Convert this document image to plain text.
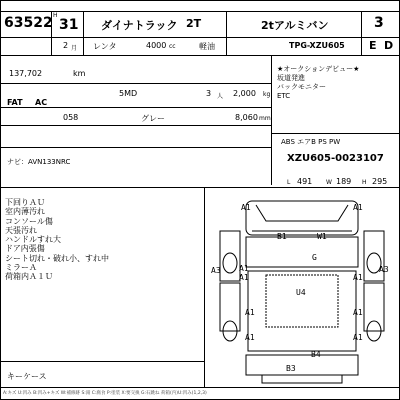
63522 H
31 ダイナトラック 2T	2tアルミバン	3
2 月 レンタ	4000 cc	軽油	TPG-XZU605 E D
137,702	km
FAT AC
5MD	3 人 2,000 kg
058	グレー	8,060 mm
★オークションデビュー★
坂道発進
バックモニター
ETC
ABS エアB PS PW
ナビ：AVN133NRC	XZU605-0023107
L 491 W 189 H 295
下回りＡＵ
室内薄汚れ
コンソール傷
天張汚れ
ハンドルすれ大
ドア内張傷
シート切れ・破れ小、すれ中
ミラーＡ
荷箱内Ａ１Ｕ
キーケース
A1	A1
B1	W1
A3
G
A1	A3
A1	A1
U4
A1	A1
B4
B3
A1	A1
A:キズ U:凹み B:凹み+キズ W:補修跡 S:錆 C:腐食 P:塗装 X:要交換 G:石跳ね 荷箱(内)U:凹み(1,2,3)
